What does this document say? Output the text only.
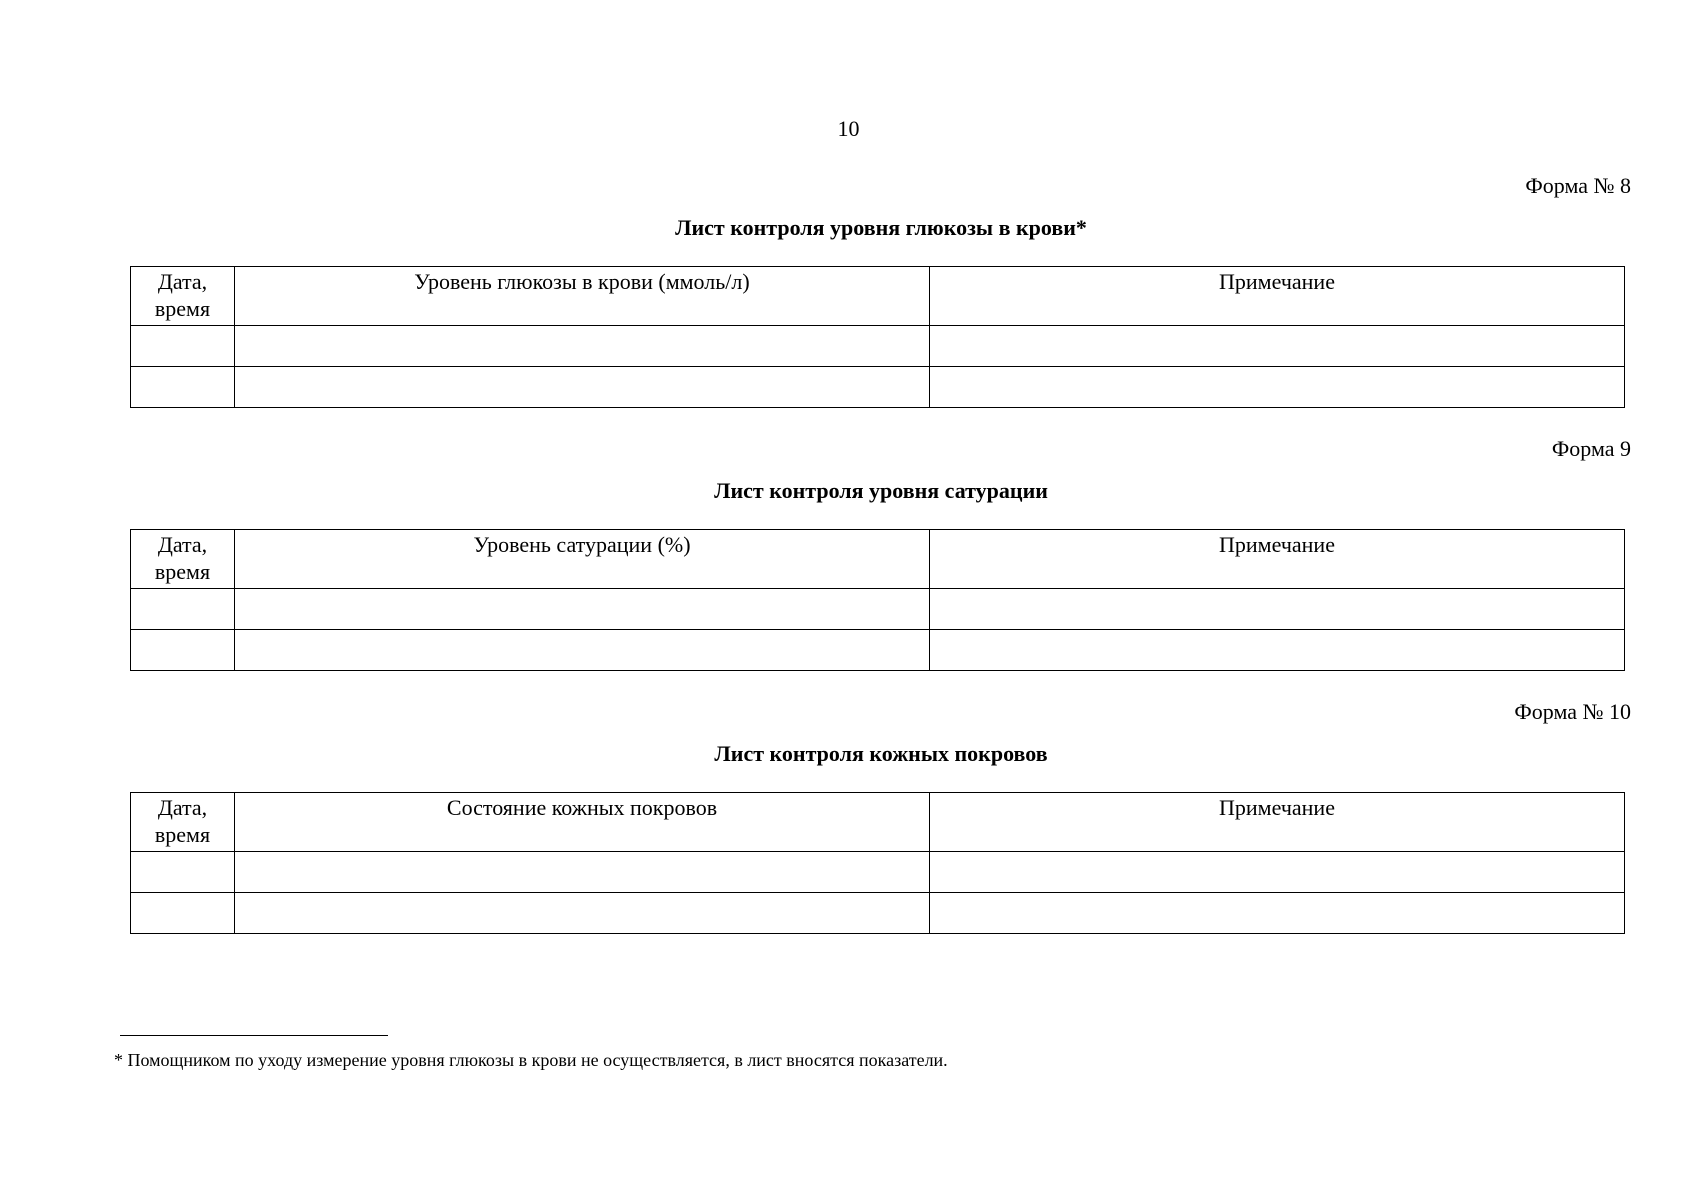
10
Форма № 8
Лист контроля уровня глюкозы в крови*
Дата,
время	Уровень глюкозы в крови (ммоль/л)	Примечание

Форма 9
Лист контроля уровня сатурации
Дата,
время	Уровень сатурации (%)	Примечание

Форма № 10
Лист контроля кожных покровов
Дата,
время	Состояние кожных покровов	Примечание

* Помощником по уходу измерение уровня глюкозы в крови не осуществляется, в лист вносятся показатели.
